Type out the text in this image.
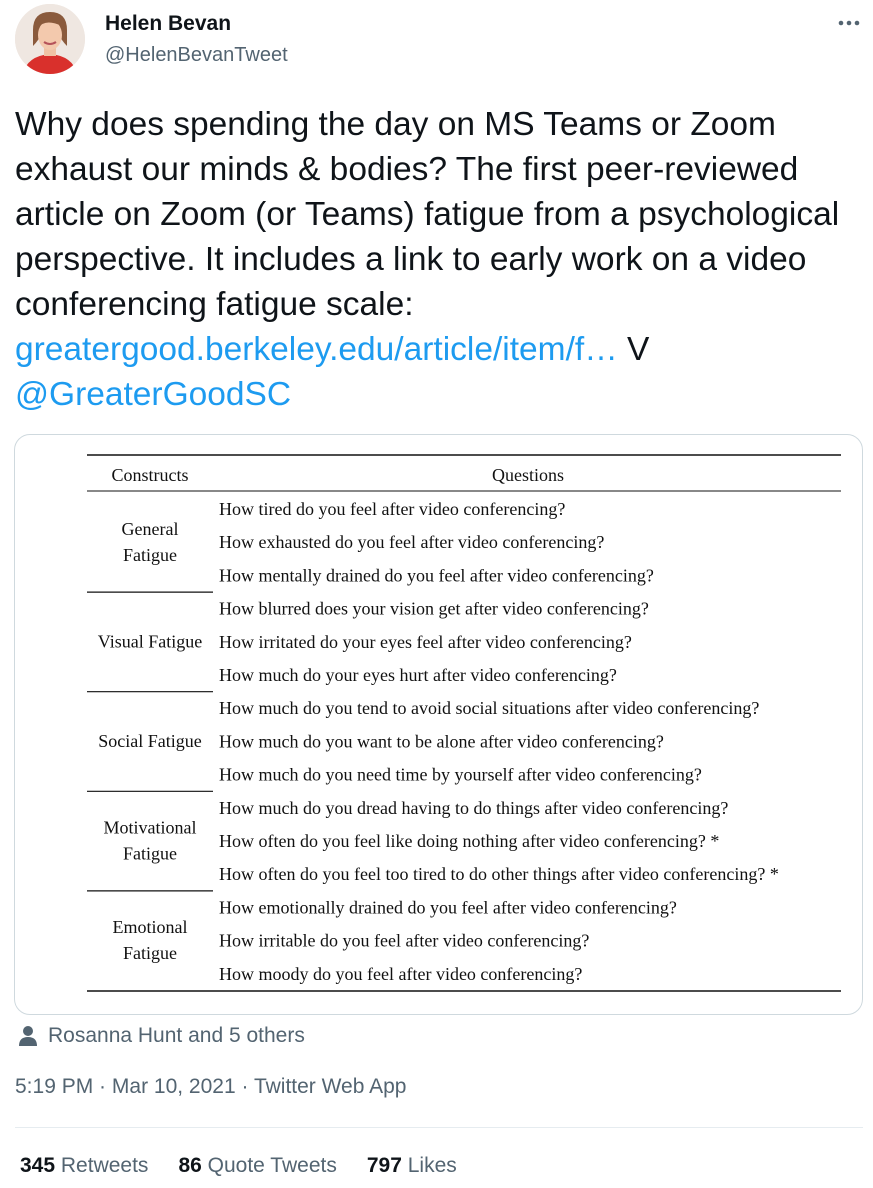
Helen Bevan
@HelenBevanTweet
Why does spending the day on MS Teams or Zoom exhaust our minds & bodies? The first peer-reviewed article on Zoom (or Teams) fatigue from a psychological perspective. It includes a link to early work on a video conferencing fatigue scale: greatergood.berkeley.edu/article/item/f… V @GreaterGoodSC
Constructs	Questions
How tired do you feel after video conferencing?
How exhausted do you feel after video conferencing?
How mentally drained do you feel after video conferencing?
General
Fatigue
How blurred does your vision get after video conferencing?
How irritated do your eyes feel after video conferencing?
How much do your eyes hurt after video conferencing?
Visual Fatigue
How much do you tend to avoid social situations after video conferencing?
How much do you want to be alone after video conferencing?
How much do you need time by yourself after video conferencing?
Social Fatigue
How much do you dread having to do things after video conferencing?
How often do you feel like doing nothing after video conferencing? *
How often do you feel too tired to do other things after video conferencing? *
Motivational
Fatigue
How emotionally drained do you feel after video conferencing?
How irritable do you feel after video conferencing?
How moody do you feel after video conferencing?
Emotional
Fatigue
Rosanna Hunt and 5 others
5:19 PM · Mar 10, 2021 · Twitter Web App
345 Retweets 86 Quote Tweets 797 Likes
